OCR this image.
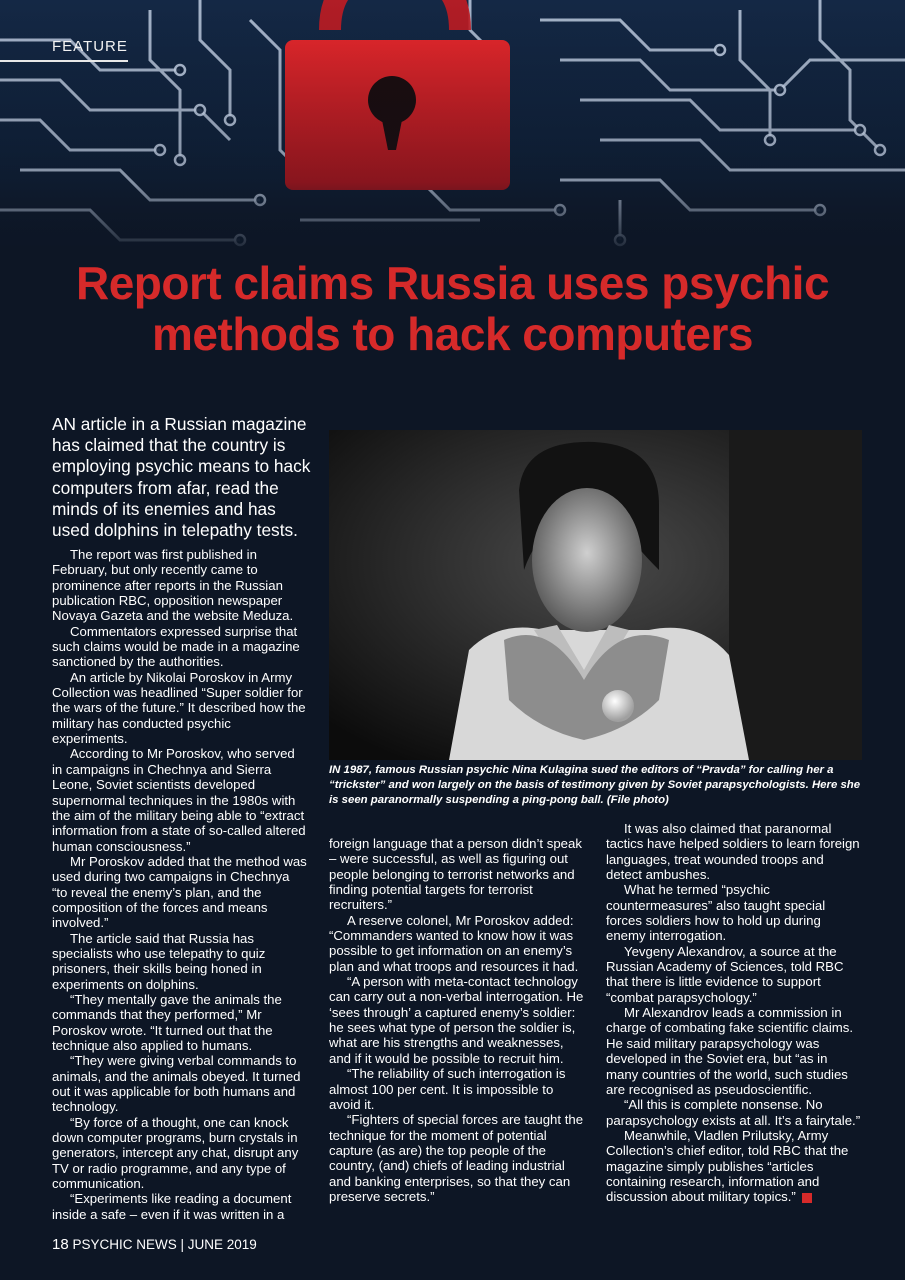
FEATURE
Report claims Russia uses psychic methods to hack computers
AN article in a Russian magazine has claimed that the country is employing psychic means to hack computers from afar, read the minds of its enemies and has used dolphins in telepathy tests.

The report was first published in February, but only recently came to prominence after reports in the Russian publication RBC, opposition newspaper Novaya Gazeta and the website Meduza.

Commentators expressed surprise that such claims would be made in a magazine sanctioned by the authorities.

An article by Nikolai Poroskov in Army Collection was headlined “Super soldier for the wars of the future.” It described how the military has conducted psychic experiments.

According to Mr Poroskov, who served in campaigns in Chechnya and Sierra Leone, Soviet scientists developed supernormal techniques in the 1980s with the aim of the military being able to “extract information from a state of so-called altered human consciousness.”

Mr Poroskov added that the method was used during two campaigns in Chechnya “to reveal the enemy’s plan, and the composition of the forces and means involved.”

The article said that Russia has specialists who use telepathy to quiz prisoners, their skills being honed in experiments on dolphins.

“They mentally gave the animals the commands that they performed,” Mr Poroskov wrote. “It turned out that the technique also applied to humans.

“They were giving verbal commands to animals, and the animals obeyed. It turned out it was applicable for both humans and technology.

“By force of a thought, one can knock down computer programs, burn crystals in generators, intercept any chat, disrupt any TV or radio programme, and any type of communication.

“Experiments like reading a document inside a safe – even if it was written in a

IN 1987, famous Russian psychic Nina Kulagina sued the editors of “Pravda” for calling her a “trickster” and won largely on the basis of testimony given by Soviet parapsychologists. Here she is seen paranormally suspending a ping-pong ball. (File photo)

foreign language that a person didn’t speak – were successful, as well as figuring out people belonging to terrorist networks and finding potential targets for terrorist recruiters.”

A reserve colonel, Mr Poroskov added: “Commanders wanted to know how it was possible to get information on an enemy’s plan and what troops and resources it had.

“A person with meta-contact technology can carry out a non-verbal interrogation. He ‘sees through’ a captured enemy’s soldier: he sees what type of person the soldier is, what are his strengths and weaknesses, and if it would be possible to recruit him.

“The reliability of such interrogation is almost 100 per cent. It is impossible to avoid it.

“Fighters of special forces are taught the technique for the moment of potential capture (as are) the top people of the country, (and) chiefs of leading industrial and banking enterprises, so that they can preserve secrets.”

It was also claimed that paranormal tactics have helped soldiers to learn foreign languages, treat wounded troops and detect ambushes.

What he termed “psychic countermeasures” also taught special forces soldiers how to hold up during enemy interrogation.

Yevgeny Alexandrov, a source at the Russian Academy of Sciences, told RBC that there is little evidence to support “combat parapsychology.”

Mr Alexandrov leads a commission in charge of combating fake scientific claims. He said military parapsychology was developed in the Soviet era, but “as in many countries of the world, such studies are recognised as pseudoscientific.

“All this is complete nonsense. No parapsychology exists at all. It’s a fairytale.”

Meanwhile, Vladlen Prilutsky, Army Collection’s chief editor, told RBC that the magazine simply publishes “articles containing research, information and discussion about military topics.”

18 PSYCHIC NEWS | JUNE 2019
